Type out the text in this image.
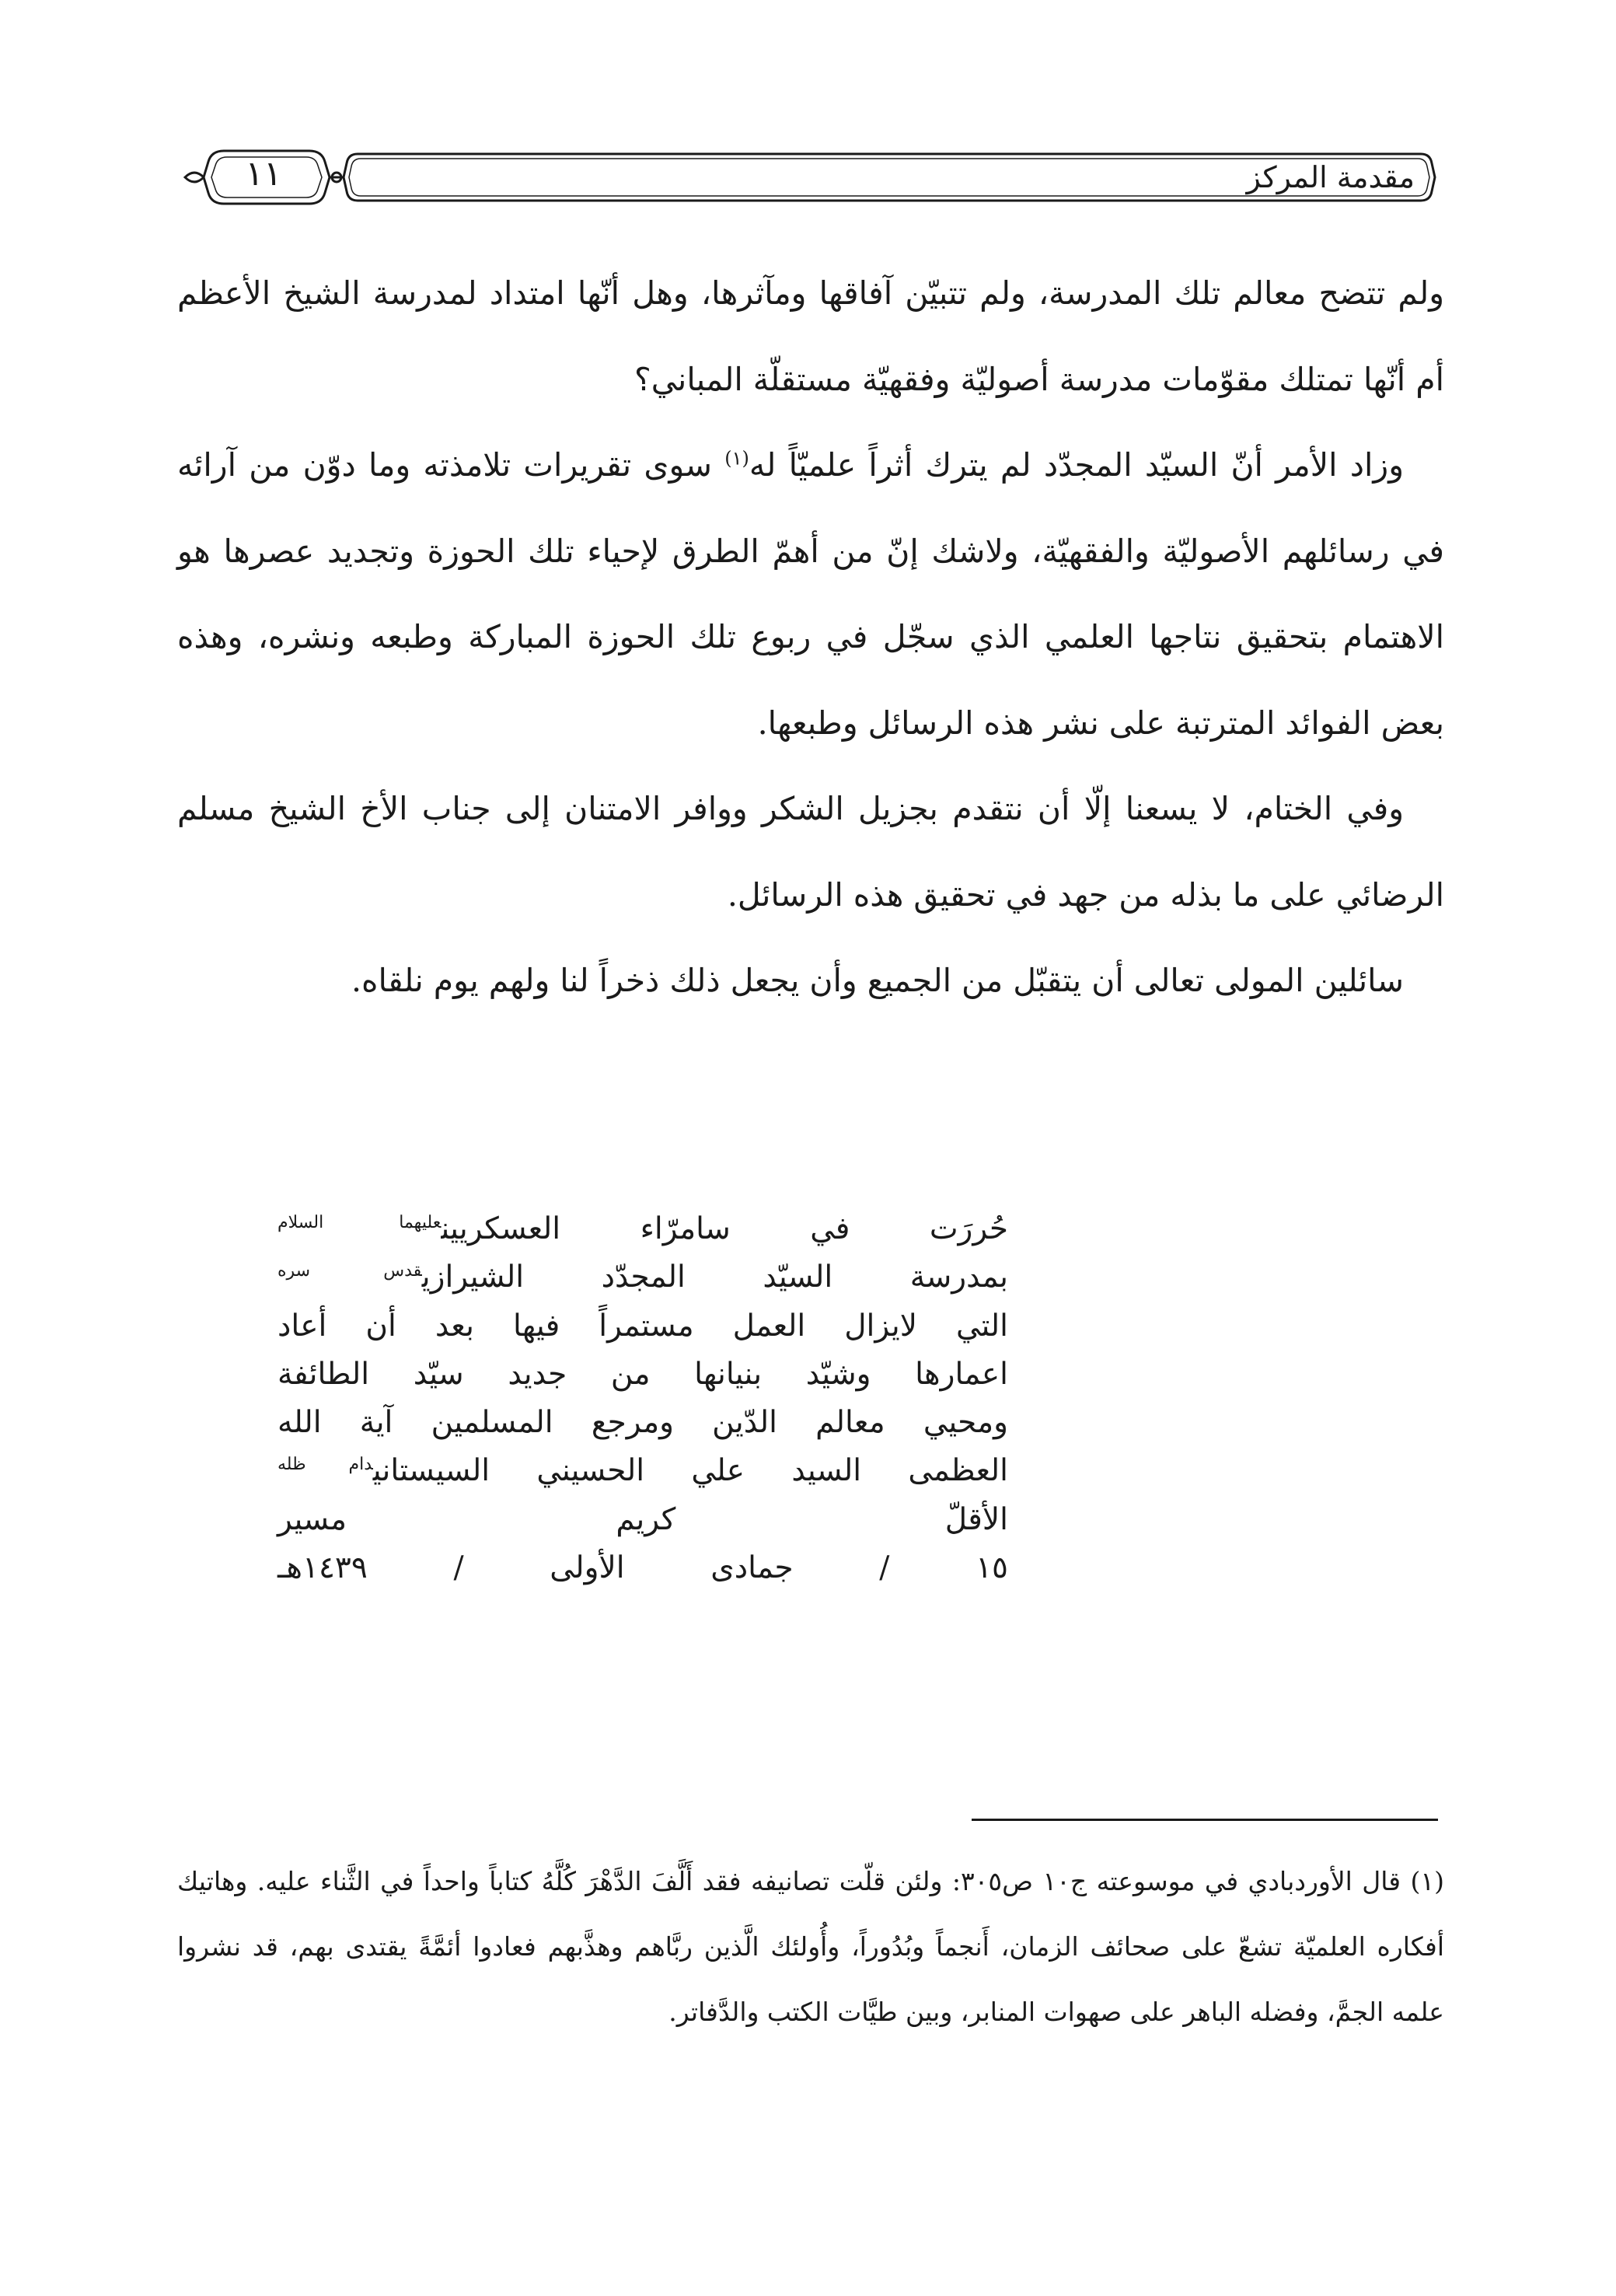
١١	مقدمة المركز

ولم تتضح معالم تلك المدرسة، ولم تتبيّن آفاقها ومآثرها، وهل أنّها امتداد لمدرسة الشيخ الأعظم أم أنّها تمتلك مقوّمات مدرسة أصوليّة وفقهيّة مستقلّة المباني؟

وزاد الأمر أنّ السيّد المجدّد لم يترك أثراً علميّاً له$^{(١)}$ سوى تقريرات تلامذته وما دوّن من آرائه في رسائلهم الأصوليّة والفقهيّة، ولاشك إنّ من أهمّ الطرق لإحياء تلك الحوزة وتجديد عصرها هو الاهتمام بتحقيق نتاجها العلمي الذي سجّل في ربوع تلك الحوزة المباركة وطبعه ونشره، وهذه بعض الفوائد المترتبة على نشر هذه الرسائل وطبعها.

وفي الختام، لا يسعنا إلّا أن نتقدم بجزيل الشكر ووافر الامتنان إلى جناب الأخ الشيخ مسلم الرضائي على ما بذله من جهد في تحقيق هذه الرسائل.

سائلين المولى تعالى أن يتقبّل من الجميع وأن يجعل ذلك ذخراً لنا ولهم يوم نلقاه.

حُررَت في سامرّاء العسكريين$^{عليهما السلام}$
بمدرسة السيّد المجدّد الشيرازي$^{قدس سره}$
التي لايزال العمل مستمراً فيها بعد أن أعاد
اعمارها وشيّد بنيانها من جديد سيّد الطائفة
ومحيي معالم الدّين ومرجع المسلمين آية الله
العظمى السيد علي الحسيني السيستاني$^{دام ظله}$
الأقلّ كريم مسير
١٥ / جمادى الأولى / ١٤٣٩هـ

(١) قال الأوردبادي في موسوعته ج١٠ ص٣٠٥: ولئن قلّت تصانيفه فقد أَلَّفَ الدَّهْرَ كُلَّهُ كتاباً واحداً في الثَّناء عليه. وهاتيك أفكاره العلميّة تشعّ على صحائف الزمان، أَنجماً وبُدُوراً، وأُولئك الَّذين ربَّاهم وهذَّبهم فعادوا أئمَّةً يقتدى بهم، قد نشروا علمه الجمَّ، وفضله الباهر على صهوات المنابر، وبين طيَّات الكتب والدَّفاتر.
